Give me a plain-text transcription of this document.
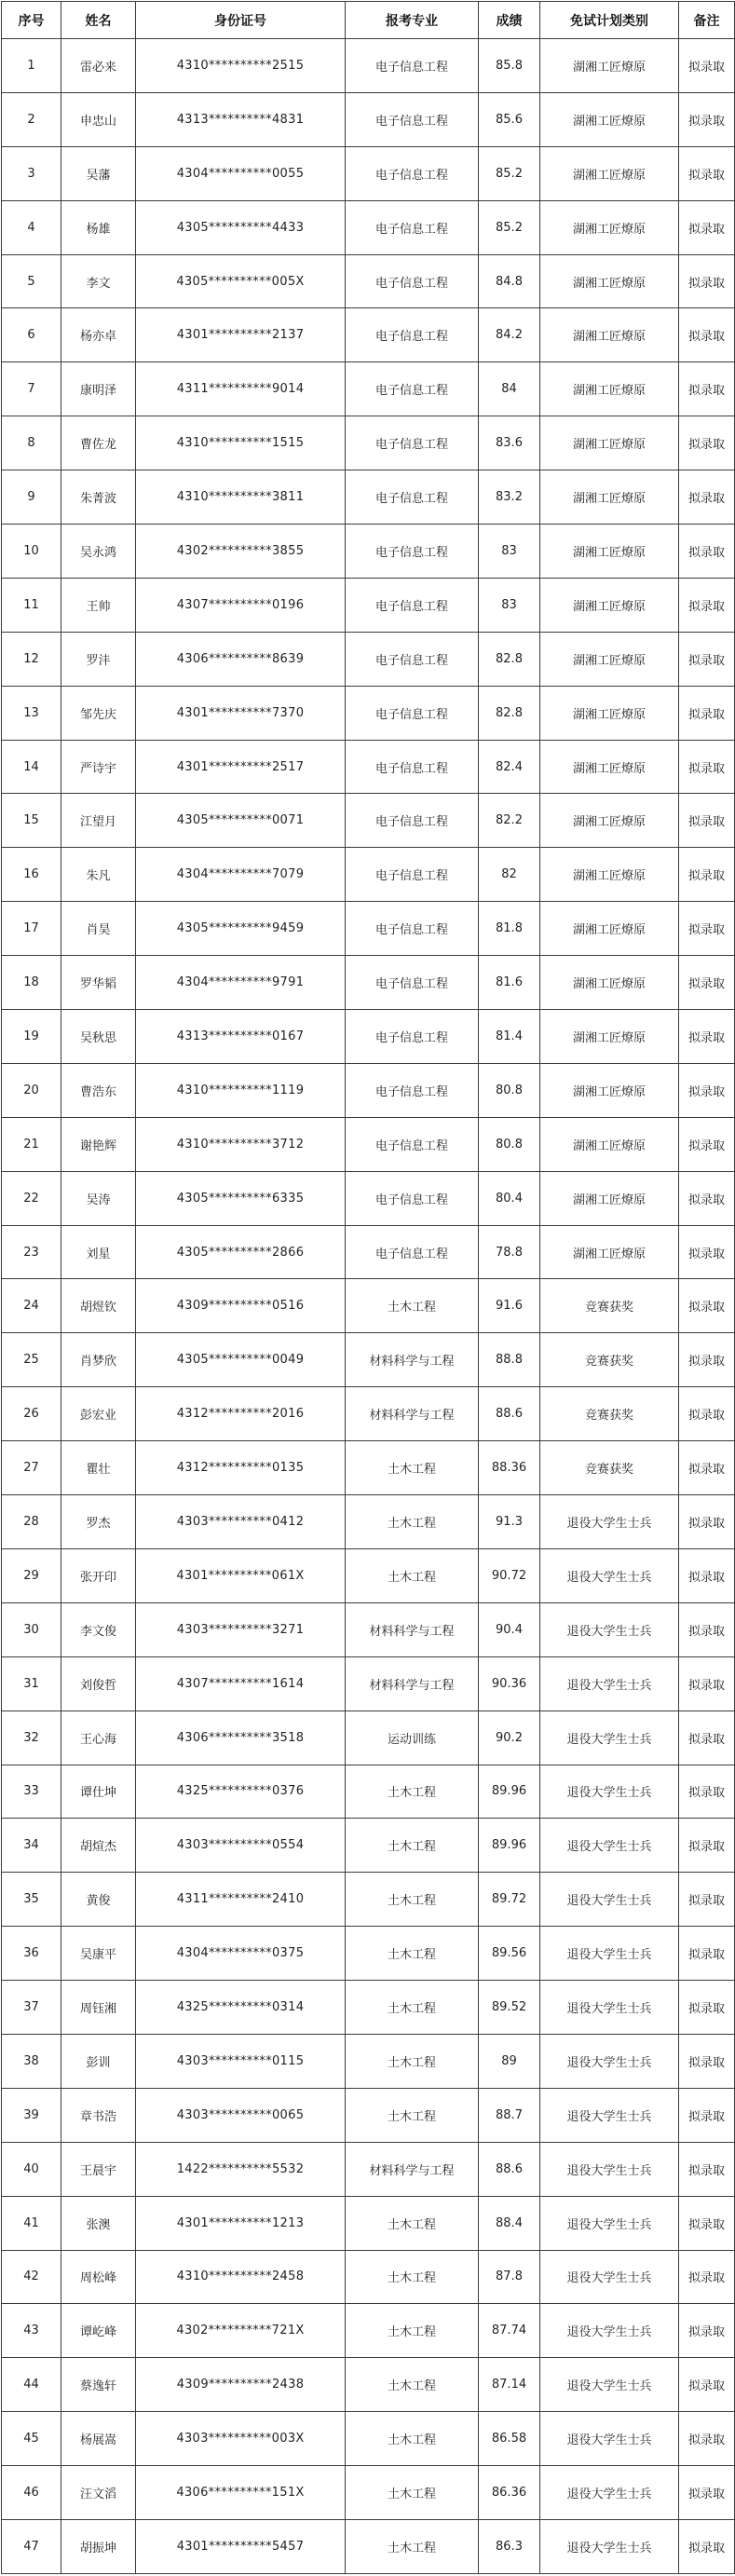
序号	姓名	身份证号	报考专业	成绩	免试计划类别	备注
1	雷必来	4310**********2515	电子信息工程	85.8	湖湘工匠燎原	拟录取
2	申忠山	4313**********4831	电子信息工程	85.6	湖湘工匠燎原	拟录取
3	吴藩	4304**********0055	电子信息工程	85.2	湖湘工匠燎原	拟录取
4	杨雄	4305**********4433	电子信息工程	85.2	湖湘工匠燎原	拟录取
5	李文	4305**********005X	电子信息工程	84.8	湖湘工匠燎原	拟录取
6	杨亦卓	4301**********2137	电子信息工程	84.2	湖湘工匠燎原	拟录取
7	康明泽	4311**********9014	电子信息工程	84	湖湘工匠燎原	拟录取
8	曹佐龙	4310**********1515	电子信息工程	83.6	湖湘工匠燎原	拟录取
9	朱菁波	4310**********3811	电子信息工程	83.2	湖湘工匠燎原	拟录取
10	吴永鸿	4302**********3855	电子信息工程	83	湖湘工匠燎原	拟录取
11	王帅	4307**********0196	电子信息工程	83	湖湘工匠燎原	拟录取
12	罗沣	4306**********8639	电子信息工程	82.8	湖湘工匠燎原	拟录取
13	邹先庆	4301**********7370	电子信息工程	82.8	湖湘工匠燎原	拟录取
14	严诗宇	4301**********2517	电子信息工程	82.4	湖湘工匠燎原	拟录取
15	江望月	4305**********0071	电子信息工程	82.2	湖湘工匠燎原	拟录取
16	朱凡	4304**********7079	电子信息工程	82	湖湘工匠燎原	拟录取
17	肖昊	4305**********9459	电子信息工程	81.8	湖湘工匠燎原	拟录取
18	罗华韬	4304**********9791	电子信息工程	81.6	湖湘工匠燎原	拟录取
19	吴秋思	4313**********0167	电子信息工程	81.4	湖湘工匠燎原	拟录取
20	曹浩东	4310**********1119	电子信息工程	80.8	湖湘工匠燎原	拟录取
21	谢艳辉	4310**********3712	电子信息工程	80.8	湖湘工匠燎原	拟录取
22	吴涛	4305**********6335	电子信息工程	80.4	湖湘工匠燎原	拟录取
23	刘星	4305**********2866	电子信息工程	78.8	湖湘工匠燎原	拟录取
24	胡煜钦	4309**********0516	土木工程	91.6	竞赛获奖	拟录取
25	肖梦欣	4305**********0049	材料科学与工程	88.8	竞赛获奖	拟录取
26	彭宏业	4312**********2016	材料科学与工程	88.6	竞赛获奖	拟录取
27	瞿壮	4312**********0135	土木工程	88.36	竞赛获奖	拟录取
28	罗杰	4303**********0412	土木工程	91.3	退役大学生士兵	拟录取
29	张开印	4301**********061X	土木工程	90.72	退役大学生士兵	拟录取
30	李文俊	4303**********3271	材料科学与工程	90.4	退役大学生士兵	拟录取
31	刘俊哲	4307**********1614	材料科学与工程	90.36	退役大学生士兵	拟录取
32	王心海	4306**********3518	运动训练	90.2	退役大学生士兵	拟录取
33	谭仕坤	4325**********0376	土木工程	89.96	退役大学生士兵	拟录取
34	胡煊杰	4303**********0554	土木工程	89.96	退役大学生士兵	拟录取
35	黄俊	4311**********2410	土木工程	89.72	退役大学生士兵	拟录取
36	吴康平	4304**********0375	土木工程	89.56	退役大学生士兵	拟录取
37	周钰湘	4325**********0314	土木工程	89.52	退役大学生士兵	拟录取
38	彭训	4303**********0115	土木工程	89	退役大学生士兵	拟录取
39	章书浩	4303**********0065	土木工程	88.7	退役大学生士兵	拟录取
40	王晨宇	1422**********5532	材料科学与工程	88.6	退役大学生士兵	拟录取
41	张澳	4301**********1213	土木工程	88.4	退役大学生士兵	拟录取
42	周松峰	4310**********2458	土木工程	87.8	退役大学生士兵	拟录取
43	谭屹峰	4302**********721X	土木工程	87.74	退役大学生士兵	拟录取
44	蔡逸轩	4309**********2438	土木工程	87.14	退役大学生士兵	拟录取
45	杨展嵩	4303**********003X	土木工程	86.58	退役大学生士兵	拟录取
46	汪文滔	4306**********151X	土木工程	86.36	退役大学生士兵	拟录取
47	胡振坤	4301**********5457	土木工程	86.3	退役大学生士兵	拟录取
